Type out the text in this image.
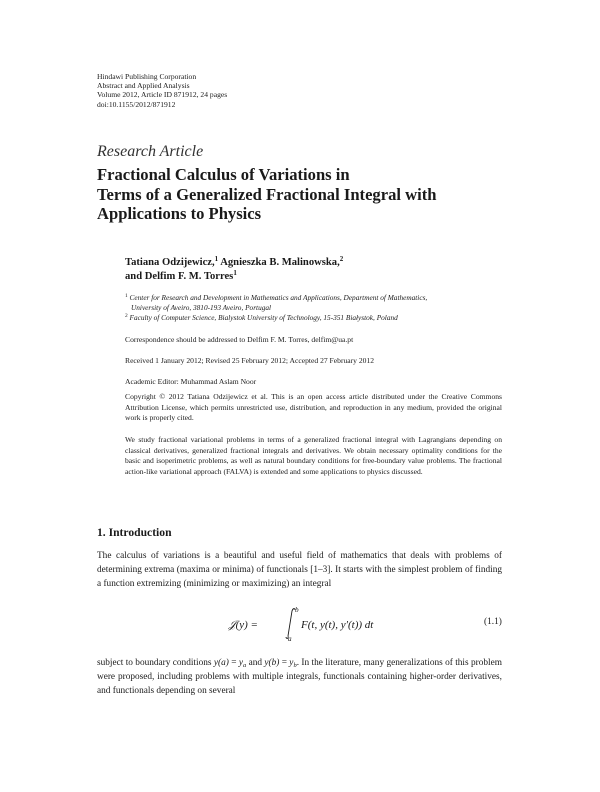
Hindawi Publishing Corporation
Abstract and Applied Analysis
Volume 2012, Article ID 871912, 24 pages
doi:10.1155/2012/871912
Research Article
Fractional Calculus of Variations in
Terms of a Generalized Fractional Integral with
Applications to Physics
Tatiana Odzijewicz,$^1$ Agnieszka B. Malinowska,$^2$
and Delfim F. M. Torres$^1$
$^1$ Center for Research and Development in Mathematics and Applications, Department of Mathematics,
University of Aveiro, 3810-193 Aveiro, Portugal
$^2$ Faculty of Computer Science, Bialystok University of Technology, 15-351 Białystok, Poland
Correspondence should be addressed to Delfim F. M. Torres, delfim@ua.pt
Received 1 January 2012; Revised 25 February 2012; Accepted 27 February 2012
Academic Editor: Muhammad Aslam Noor
Copyright © 2012 Tatiana Odzijewicz et al. This is an open access article distributed under the Creative Commons Attribution License, which permits unrestricted use, distribution, and reproduction in any medium, provided the original work is properly cited.
We study fractional variational problems in terms of a generalized fractional integral with Lagrangians depending on classical derivatives, generalized fractional integrals and derivatives. We obtain necessary optimality conditions for the basic and isoperimetric problems, as well as natural boundary conditions for free-boundary value problems. The fractional action-like variational approach (FALVA) is extended and some applications to physics discussed.
1. Introduction
The calculus of variations is a beautiful and useful field of mathematics that deals with problems of determining extrema (maxima or minima) of functionals [1–3]. It starts with the simplest problem of finding a function extremizing (minimizing or maximizing) an integral
𝒥(y) =
b
a
F(t, y(t), y′(t)) dt	(1.1)
subject to boundary conditions $y(a) = y_a$ and $y(b) = y_b$. In the literature, many generalizations of this problem were proposed, including problems with multiple integrals, functionals containing higher-order derivatives, and functionals depending on several
